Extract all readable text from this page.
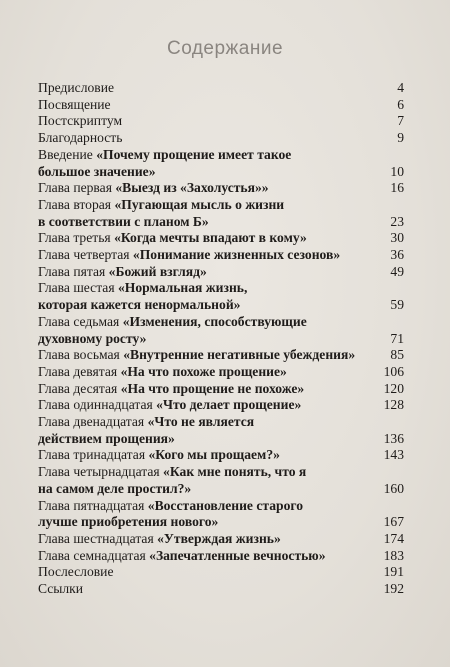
Содержание
Предисловие	4
Посвящение	6
Постскриптум	7
Благодарность	9
Введение «Почему прощение имеет такое
большое значение»	10
Глава первая «Выезд из «Захолустья»»	16
Глава вторая «Пугающая мысль о жизни
в соответствии с планом Б»	23
Глава третья «Когда мечты впадают в кому»	30
Глава четвертая «Понимание жизненных сезонов»	36
Глава пятая «Божий взгляд»	49
Глава шестая «Нормальная жизнь,
которая кажется ненормальной»	59
Глава седьмая «Изменения, способствующие
духовному росту»	71
Глава восьмая «Внутренние негативные убеждения»	85
Глава девятая «На что похоже прощение»	106
Глава десятая «На что прощение не похоже»	120
Глава одиннадцатая «Что делает прощение»	128
Глава двенадцатая «Что не является
действием прощения»	136
Глава тринадцатая «Кого мы прощаем?»	143
Глава четырнадцатая «Как мне понять, что я
на самом деле простил?»	160
Глава пятнадцатая «Восстановление старого
лучше приобретения нового»	167
Глава шестнадцатая «Утверждая жизнь»	174
Глава семнадцатая «Запечатленные вечностью»	183
Послесловие	191
Ссылки	192
